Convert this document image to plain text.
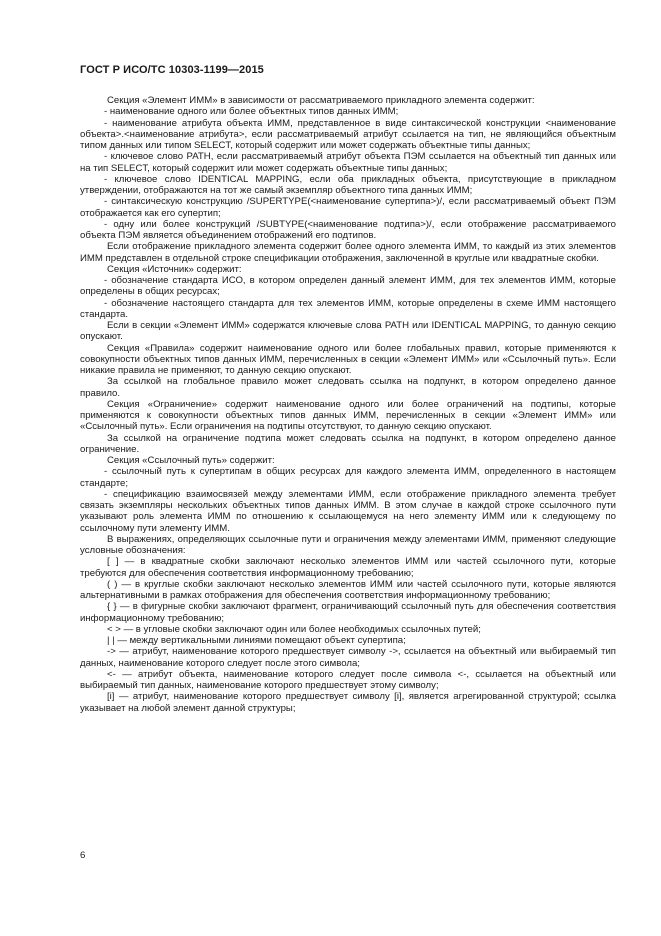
ГОСТ Р ИСО/ТС 10303-1199—2015

Секция «Элемент ИММ» в зависимости от рассматриваемого прикладного элемента содержит:

- наименование одного или более объектных типов данных ИММ;

- наименование атрибута объекта ИММ, представленное в виде синтаксической конструкции <наименование объекта>.<наименование атрибута>, если рассматриваемый атрибут ссылается на тип, не являющийся объектным типом данных или типом SELECT, который содержит или может содержать объектные типы данных;

- ключевое слово PATH, если рассматриваемый атрибут объекта ПЭМ ссылается на объектный тип данных или на тип SELECT, который содержит или может содержать объектные типы данных;

- ключевое слово IDENTICAL MAPPING, если оба прикладных объекта, присутствующие в прикладном утверждении, отображаются на тот же самый экземпляр объектного типа данных ИММ;

- синтаксическую конструкцию /SUPERTYPE(<наименование супертипа>)/, если рассматриваемый объект ПЭМ отображается как его супертип;

- одну или более конструкций /SUBTYPE(<наименование подтипа>)/, если отображение рассматриваемого объекта ПЭМ является объединением отображений его подтипов.

Если отображение прикладного элемента содержит более одного элемента ИММ, то каждый из этих элементов ИММ представлен в отдельной строке спецификации отображения, заключенной в круглые или квадратные скобки.

Секция «Источник» содержит:

- обозначение стандарта ИСО, в котором определен данный элемент ИММ, для тех элементов ИММ, которые определены в общих ресурсах;

- обозначение настоящего стандарта для тех элементов ИММ, которые определены в схеме ИММ настоящего стандарта.

Если в секции «Элемент ИММ» содержатся ключевые слова PATH или IDENTICAL MAPPING, то данную секцию опускают.

Секция «Правила» содержит наименование одного или более глобальных правил, которые применяются к совокупности объектных типов данных ИММ, перечисленных в секции «Элемент ИММ» или «Ссылочный путь». Если никакие правила не применяют, то данную секцию опускают.

За ссылкой на глобальное правило может следовать ссылка на подпункт, в котором определено данное правило.

Секция «Ограничение» содержит наименование одного или более ограничений на подтипы, которые применяются к совокупности объектных типов данных ИММ, перечисленных в секции «Элемент ИММ» или «Ссылочный путь». Если ограничения на подтипы отсутствуют, то данную секцию опускают.

За ссылкой на ограничение подтипа может следовать ссылка на подпункт, в котором определено данное ограничение.

Секция «Cсылочный путь» содержит:

- ссылочный путь к супертипам в общих ресурсах для каждого элемента ИММ, определенного в настоящем стандарте;

- спецификацию взаимосвязей между элементами ИММ, если отображение прикладного элемента требует связать экземпляры нескольких объектных типов данных ИММ. В этом случае в каждой строке ссылочного пути указывают роль элемента ИММ по отношению к ссылающемуся на него элементу ИММ или к следующему по ссылочному пути элементу ИММ.

В выражениях, определяющих ссылочные пути и ограничения между элементами ИММ, применяют следующие условные обозначения:

[ ] — в квадратные скобки заключают несколько элементов ИММ или частей ссылочного пути, которые требуются для обеспечения соответствия информационному требованию;

( ) — в круглые скобки заключают несколько элементов ИММ или частей ссылочного пути, которые являются альтернативными в рамках отображения для обеспечения соответствия информационному требованию;

{ } — в фигурные скобки заключают фрагмент, ограничивающий ссылочный путь для обеспечения соответствия информационному требованию;

< > — в угловые скобки заключают один или более необходимых ссылочных путей;

| | — между вертикальными линиями помещают объект супертипа;

-> — атрибут, наименование которого предшествует символу ->, ссылается на объектный или выбираемый тип данных, наименование которого следует после этого символа;

<- — атрибут объекта, наименование которого следует после символа <-, ссылается на объектный или выбираемый тип данных, наименование которого предшествует этому символу;

[i] — атрибут, наименование которого предшествует символу [i], является агрегированной структурой; ссылка указывает на любой элемент данной структуры;

6
